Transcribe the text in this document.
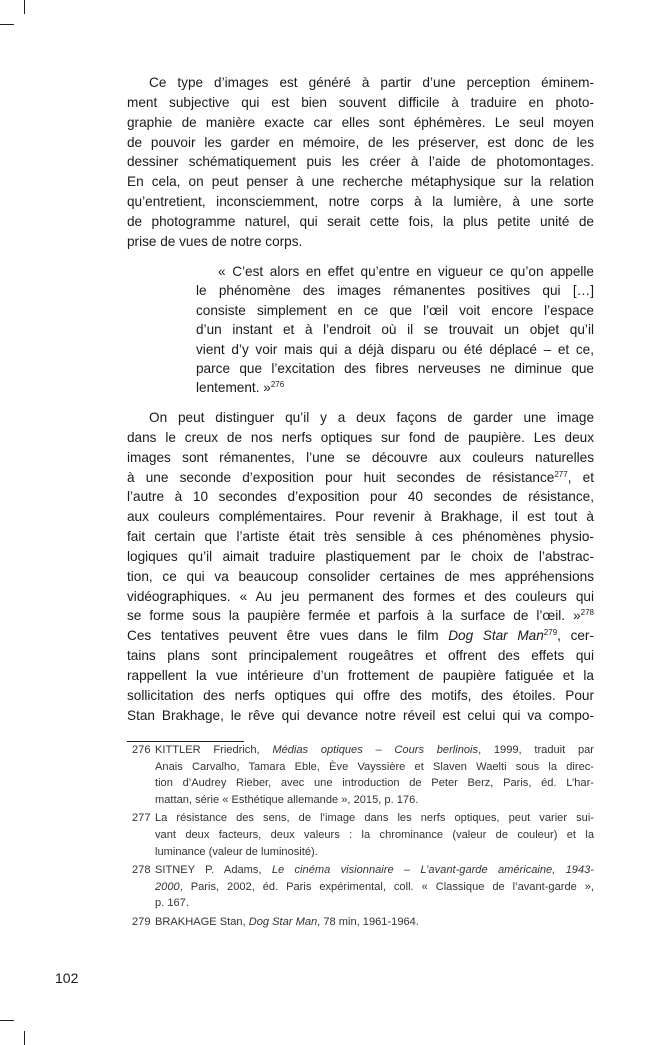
Ce type d’images est généré à partir d’une perception éminem-
ment subjective qui est bien souvent difficile à traduire en photo-
graphie de manière exacte car elles sont éphémères. Le seul moyen
de pouvoir les garder en mémoire, de les préserver, est donc de les
dessiner schématiquement puis les créer à l’aide de photomontages.
En cela, on peut penser à une recherche métaphysique sur la relation
qu’entretient, inconsciemment, notre corps à la lumière, à une sorte
de photogramme naturel, qui serait cette fois, la plus petite unité de
prise de vues de notre corps.
« C’est alors en effet qu’entre en vigueur ce qu’on appelle
le phénomène des images rémanentes positives qui […]
consiste simplement en ce que l’œil voit encore l’espace
d’un instant et à l’endroit où il se trouvait un objet qu’il
vient d’y voir mais qui a déjà disparu ou été déplacé – et ce,
parce que l’excitation des fibres nerveuses ne diminue que
lentement. »$^{276}$
On peut distinguer qu’il y a deux façons de garder une image
dans le creux de nos nerfs optiques sur fond de paupière. Les deux
images sont rémanentes, l’une se découvre aux couleurs naturelles
à une seconde d’exposition pour huit secondes de résistance$^{277}$, et
l’autre à 10 secondes d’exposition pour 40 secondes de résistance,
aux couleurs complémentaires. Pour revenir à Brakhage, il est tout à
fait certain que l’artiste était très sensible à ces phénomènes physio-
logiques qu’il aimait traduire plastiquement par le choix de l’abstrac-
tion, ce qui va beaucoup consolider certaines de mes appréhensions
vidéographiques. « Au jeu permanent des formes et des couleurs qui
se forme sous la paupière fermée et parfois à la surface de l’œil. »$^{278}$
Ces tentatives peuvent être vues dans le film Dog Star Man$^{279}$, cer-
tains plans sont principalement rougeâtres et offrent des effets qui
rappellent la vue intérieure d’un frottement de paupière fatiguée et la
sollicitation des nerfs optiques qui offre des motifs, des étoiles. Pour
Stan Brakhage, le rêve qui devance notre réveil est celui qui va compo-
276 KITTLER Friedrich, Médias optiques – Cours berlinois, 1999, traduit par
Anais Carvalho, Tamara Eble, Ève Vayssière et Slaven Waelti sous la direc-
tion d’Audrey Rieber, avec une introduction de Peter Berz, Paris, éd. L’har-
mattan, série « Esthétique allemande », 2015, p. 176.
277 La résistance des sens, de l’image dans les nerfs optiques, peut varier sui-
vant deux facteurs, deux valeurs : la chrominance (valeur de couleur) et la
luminance (valeur de luminosité).
278 SITNEY P. Adams, Le cinéma visionnaire – L’avant-garde américaine, 1943-
2000, Paris, 2002, éd. Paris expérimental, coll. « Classique de l’avant-garde »,
p. 167.
279 BRAKHAGE Stan, Dog Star Man, 78 min, 1961-1964.
102
